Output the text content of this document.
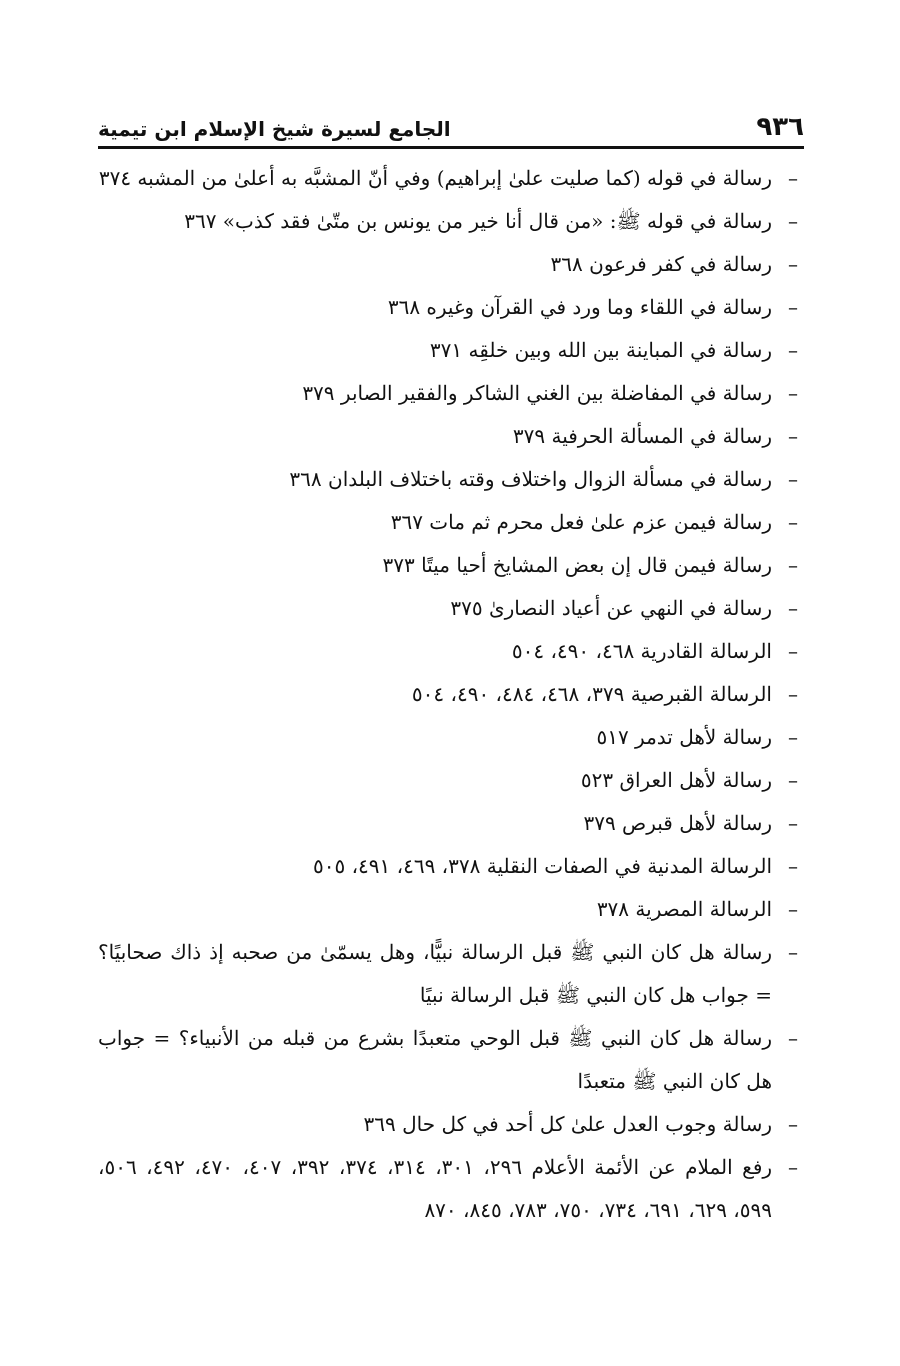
٩٣٦
الجامع لسيرة شيخ الإسلام ابن تيمية
–
رسالة في قوله (كما صليت علىٰ إبراهيم) وفي أنّ المشبَّه به أعلىٰ من المشبه ٣٧٤
–
رسالة في قوله ﷺ: «من قال أنا خير من يونس بن متّىٰ فقد كذب» ٣٦٧
–
رسالة في كفر فرعون ٣٦٨
–
رسالة في اللقاء وما ورد في القرآن وغيره ٣٦٨
–
رسالة في المباينة بين الله وبين خلقِه ٣٧١
–
رسالة في المفاضلة بين الغني الشاكر والفقير الصابر ٣٧٩
–
رسالة في المسألة الحرفية ٣٧٩
–
رسالة في مسألة الزوال واختلاف وقته باختلاف البلدان ٣٦٨
–
رسالة فيمن عزم علىٰ فعل محرم ثم مات ٣٦٧
–
رسالة فيمن قال إن بعض المشايخ أحيا ميتًا ٣٧٣
–
رسالة في النهي عن أعياد النصارىٰ ٣٧٥
–
الرسالة القادرية ٤٦٨، ٤٩٠، ٥٠٤
–
الرسالة القبرصية ٣٧٩، ٤٦٨، ٤٨٤، ٤٩٠، ٥٠٤
–
رسالة لأهل تدمر ٥١٧
–
رسالة لأهل العراق ٥٢٣
–
رسالة لأهل قبرص ٣٧٩
–
الرسالة المدنية في الصفات النقلية ٣٧٨، ٤٦٩، ٤٩١، ٥٠٥
–
الرسالة المصرية ٣٧٨
–
رسالة هل كان النبي ﷺ قبل الرسالة نبيًّا، وهل يسمّىٰ من صحبه إذ ذاك صحابيًا؟ = جواب هل كان النبي ﷺ قبل الرسالة نبيًا
–
رسالة هل كان النبي ﷺ قبل الوحي متعبدًا بشرع من قبله من الأنبياء؟ = جواب هل كان النبي ﷺ متعبدًا
–
رسالة وجوب العدل علىٰ كل أحد في كل حال ٣٦٩
–
رفع الملام عن الأئمة الأعلام ٢٩٦، ٣٠١، ٣١٤، ٣٧٤، ٣٩٢، ٤٠٧، ٤٧٠، ٤٩٢، ٥٠٦، ٥٩٩، ٦٢٩، ٦٩١، ٧٣٤، ٧٥٠، ٧٨٣، ٨٤٥، ٨٧٠
